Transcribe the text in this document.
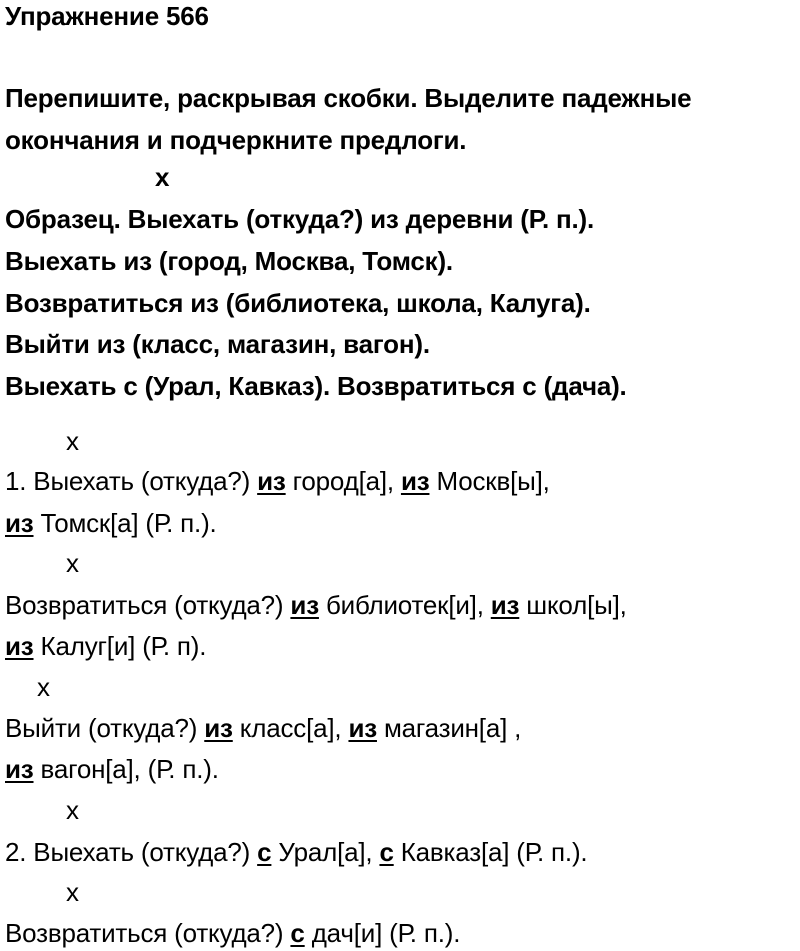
Упражнение 566
Перепишите, раскрывая скобки. Выделите падежные
окончания и подчеркните предлоги.
x
Образец. Выехать (откуда?) из деревни (Р. п.).
Выехать из (город, Москва, Томск).
Возвратиться из (библиотека, школа, Калуга).
Выйти из (класс, магазин, вагон).
Выехать с (Урал, Кавказ). Возвратиться с (дача).
x
1. Выехать (откуда?) из город[а], из Москв[ы],
из Томск[а] (Р. п.).
x
Возвратиться (откуда?) из библиотек[и], из школ[ы],
из Калуг[и] (Р. п).
x
Выйти (откуда?) из класс[а], из магазин[а] ,
из вагон[а], (Р. п.).
x
2. Выехать (откуда?) с Урал[а], с Кавказ[а] (Р. п.).
x
Возвратиться (откуда?) с дач[и] (Р. п.).
